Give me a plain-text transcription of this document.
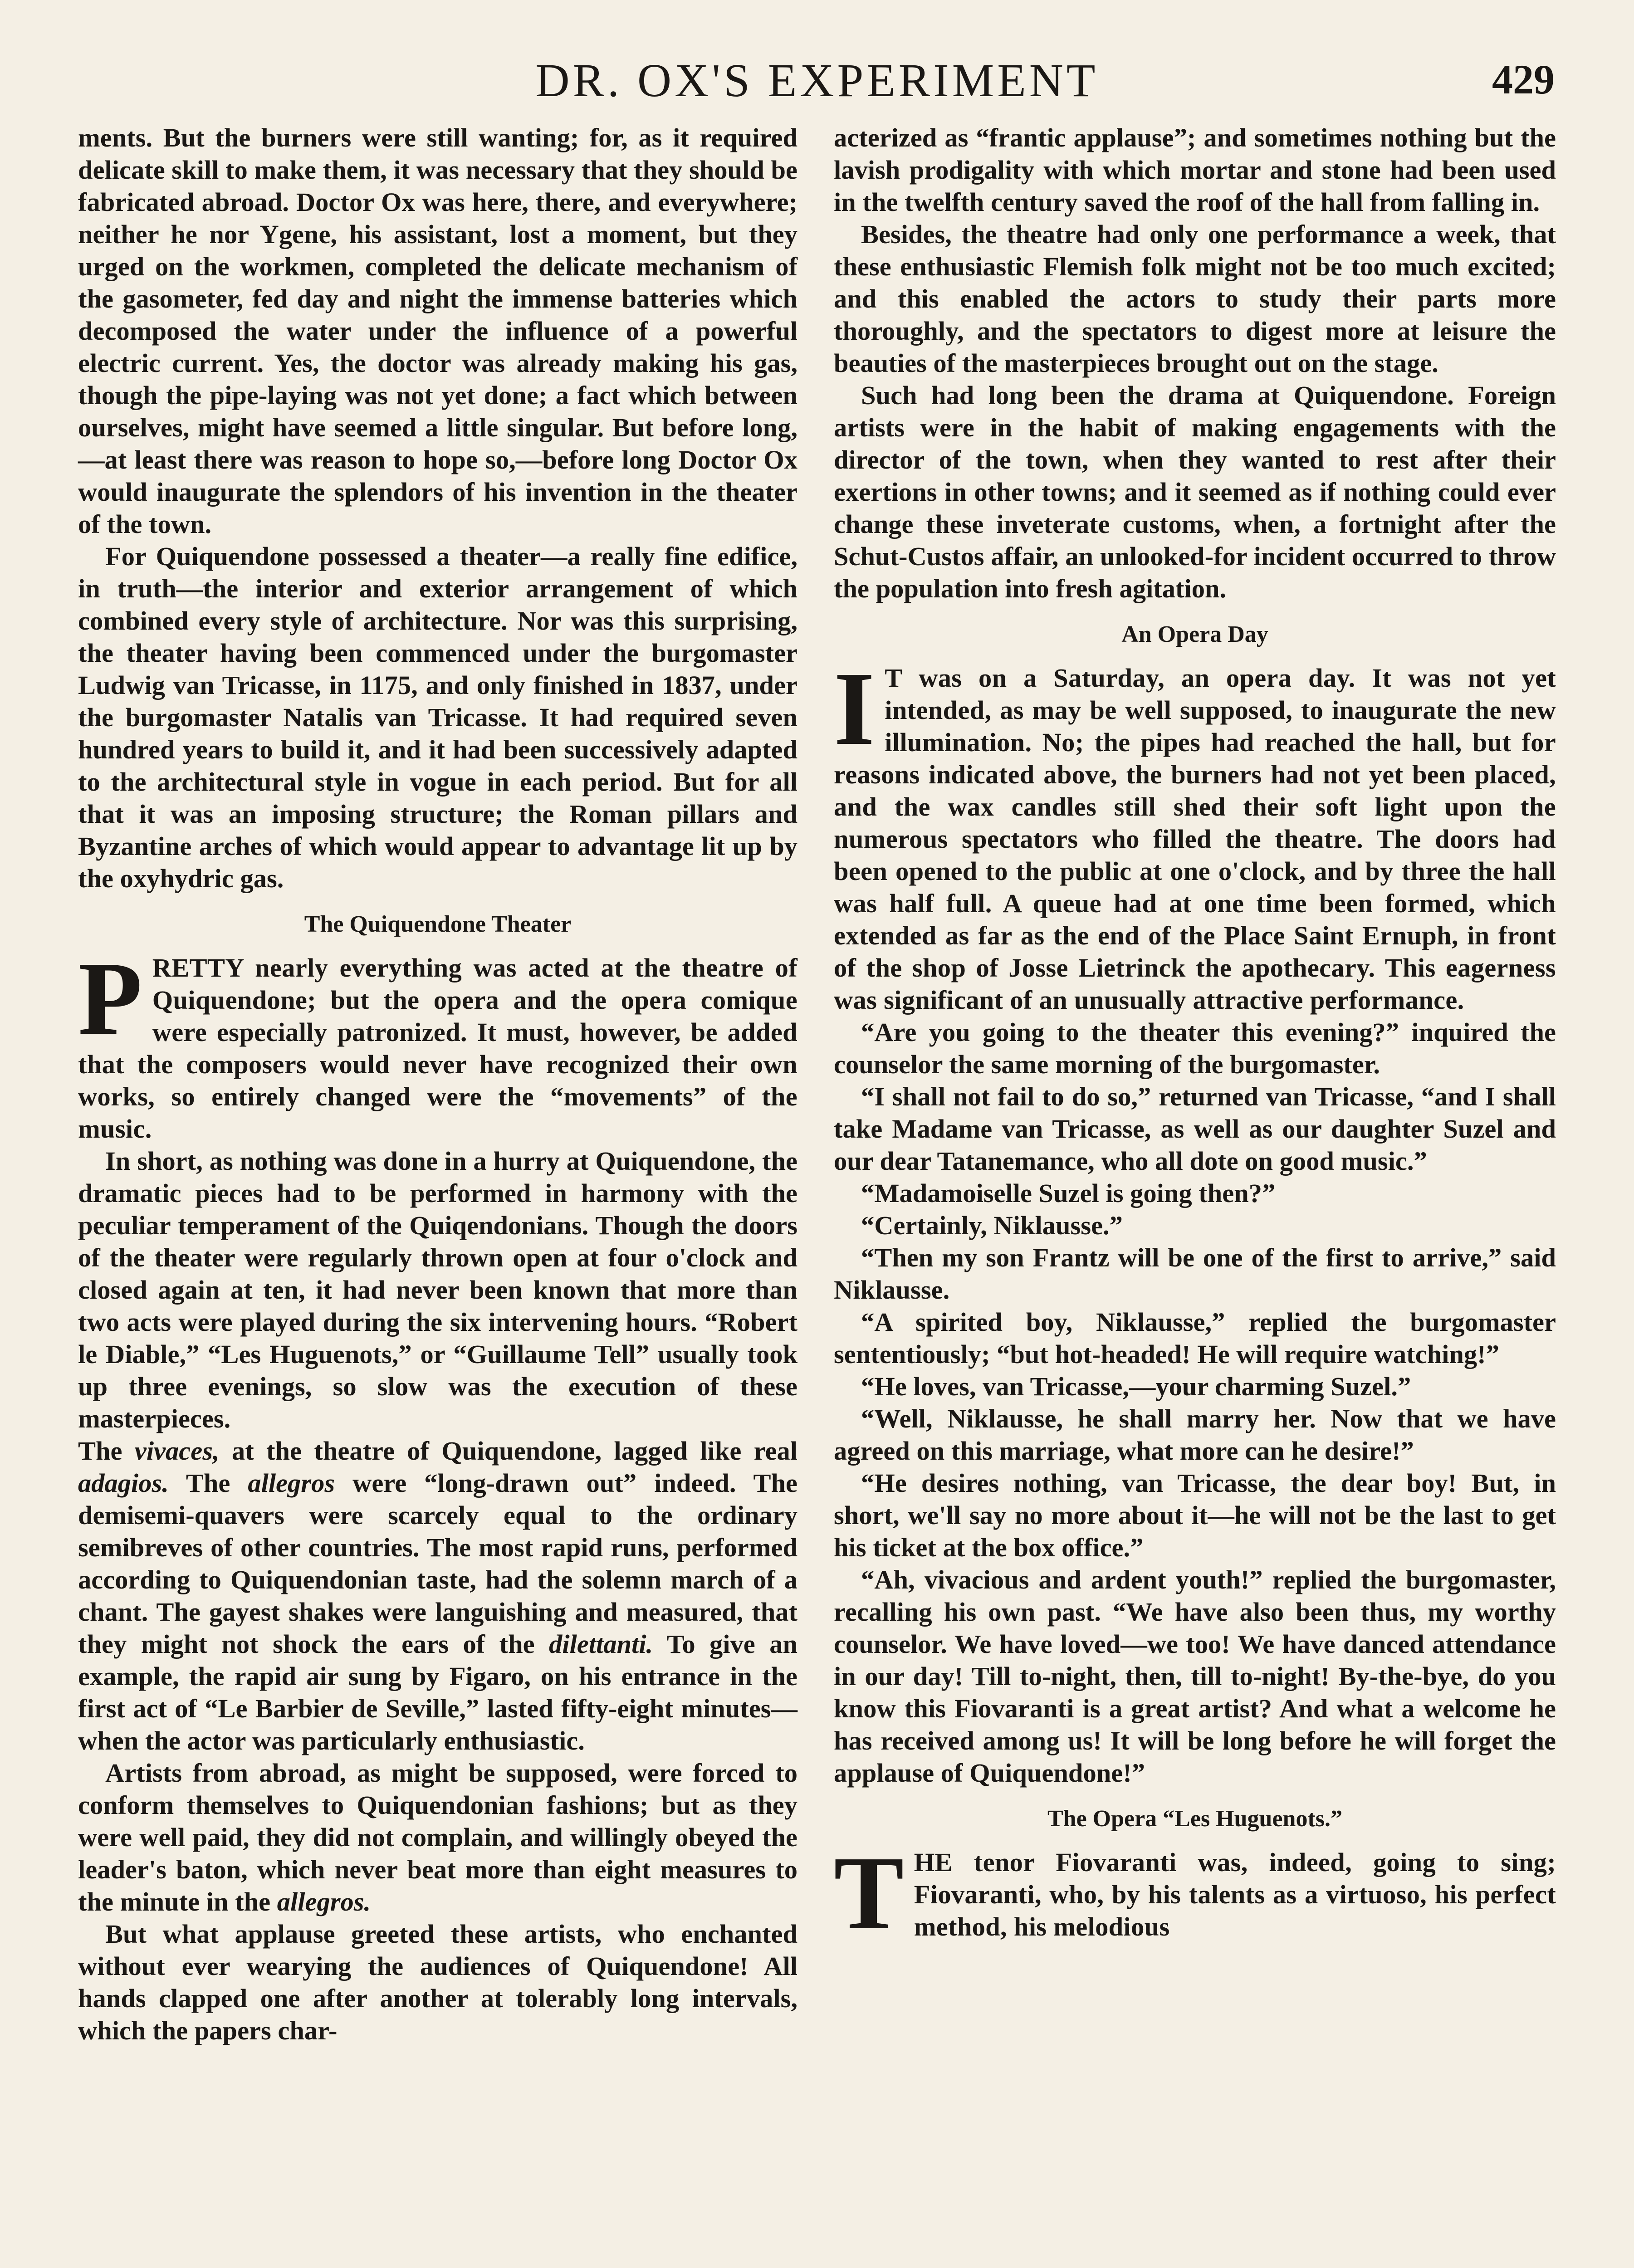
DR. OX'S EXPERIMENT	429

ments. But the burners were still wanting; for, as it required delicate skill to make them, it was necessary that they should be fabricated abroad. Doctor Ox was here, there, and everywhere; neither he nor Ygene, his assistant, lost a moment, but they urged on the workmen, completed the delicate mechanism of the gasometer, fed day and night the immense batteries which decomposed the water under the influence of a powerful electric current. Yes, the doctor was already making his gas, though the pipe-laying was not yet done; a fact which between ourselves, might have seemed a little singular. But before long,—at least there was reason to hope so,—before long Doctor Ox would inaugurate the splendors of his invention in the theater of the town.

For Quiquendone possessed a theater—a really fine edifice, in truth—the interior and exterior arrangement of which combined every style of architecture. Nor was this surprising, the theater having been commenced under the burgomaster Ludwig van Tricasse, in 1175, and only finished in 1837, under the burgomaster Natalis van Tricasse. It had required seven hundred years to build it, and it had been successively adapted to the architectural style in vogue in each period. But for all that it was an imposing structure; the Roman pillars and Byzantine arches of which would appear to advantage lit up by the oxyhydric gas.

The Quiquendone Theater

PRETTY nearly everything was acted at the theatre of Quiquendone; but the opera and the opera comique were especially patronized. It must, however, be added that the composers would never have recognized their own works, so entirely changed were the “movements” of the music.

In short, as nothing was done in a hurry at Quiquendone, the dramatic pieces had to be performed in harmony with the peculiar temperament of the Quiqendonians. Though the doors of the theater were regularly thrown open at four o'clock and closed again at ten, it had never been known that more than two acts were played during the six intervening hours. “Robert le Diable,” “Les Huguenots,” or “Guillaume Tell” usually took up three evenings, so slow was the execution of these masterpieces.

The vivaces, at the theatre of Quiquendone, lagged like real adagios. The allegros were “long-drawn out” indeed. The demisemi-quavers were scarcely equal to the ordinary semibreves of other countries. The most rapid runs, performed according to Quiquendonian taste, had the solemn march of a chant. The gayest shakes were languishing and measured, that they might not shock the ears of the dilettanti. To give an example, the rapid air sung by Figaro, on his entrance in the first act of “Le Barbier de Seville,” lasted fifty-eight minutes—when the actor was particularly enthusiastic.

Artists from abroad, as might be supposed, were forced to conform themselves to Quiquendonian fashions; but as they were well paid, they did not complain, and willingly obeyed the leader's baton, which never beat more than eight measures to the minute in the allegros.

But what applause greeted these artists, who enchanted without ever wearying the audiences of Quiquendone! All hands clapped one after another at tolerably long intervals, which the papers char-

acterized as “frantic applause”; and sometimes nothing but the lavish prodigality with which mortar and stone had been used in the twelfth century saved the roof of the hall from falling in.

Besides, the theatre had only one performance a week, that these enthusiastic Flemish folk might not be too much excited; and this enabled the actors to study their parts more thoroughly, and the spectators to digest more at leisure the beauties of the masterpieces brought out on the stage.

Such had long been the drama at Quiquendone. Foreign artists were in the habit of making engagements with the director of the town, when they wanted to rest after their exertions in other towns; and it seemed as if nothing could ever change these inveterate customs, when, a fortnight after the Schut-Custos affair, an unlooked-for incident occurred to throw the population into fresh agitation.

An Opera Day

I T was on a Saturday, an opera day. It was not yet intended, as may be well supposed, to inaugurate the new illumination. No; the pipes had reached the hall, but for reasons indicated above, the burners had not yet been placed, and the wax candles still shed their soft light upon the numerous spectators who filled the theatre. The doors had been opened to the public at one o'clock, and by three the hall was half full. A queue had at one time been formed, which extended as far as the end of the Place Saint Ernuph, in front of the shop of Josse Lietrinck the apothecary. This eagerness was significant of an unusually attractive performance.

“Are you going to the theater this evening?” inquired the counselor the same morning of the burgomaster.

“I shall not fail to do so,” returned van Tricasse, “and I shall take Madame van Tricasse, as well as our daughter Suzel and our dear Tatanemance, who all dote on good music.”

“Madamoiselle Suzel is going then?”

“Certainly, Niklausse.”

“Then my son Frantz will be one of the first to arrive,” said Niklausse.

“A spirited boy, Niklausse,” replied the burgomaster sententiously; “but hot-headed! He will require watching!”

“He loves, van Tricasse,—your charming Suzel.”

“Well, Niklausse, he shall marry her. Now that we have agreed on this marriage, what more can he desire!”

“He desires nothing, van Tricasse, the dear boy! But, in short, we'll say no more about it—he will not be the last to get his ticket at the box office.”

“Ah, vivacious and ardent youth!” replied the burgomaster, recalling his own past. “We have also been thus, my worthy counselor. We have loved—we too! We have danced attendance in our day! Till to-night, then, till to-night! By-the-bye, do you know this Fiovaranti is a great artist? And what a welcome he has received among us! It will be long before he will forget the applause of Quiquendone!”

The Opera “Les Huguenots.”

THE tenor Fiovaranti was, indeed, going to sing; Fiovaranti, who, by his talents as a virtuoso, his perfect method, his melodious
